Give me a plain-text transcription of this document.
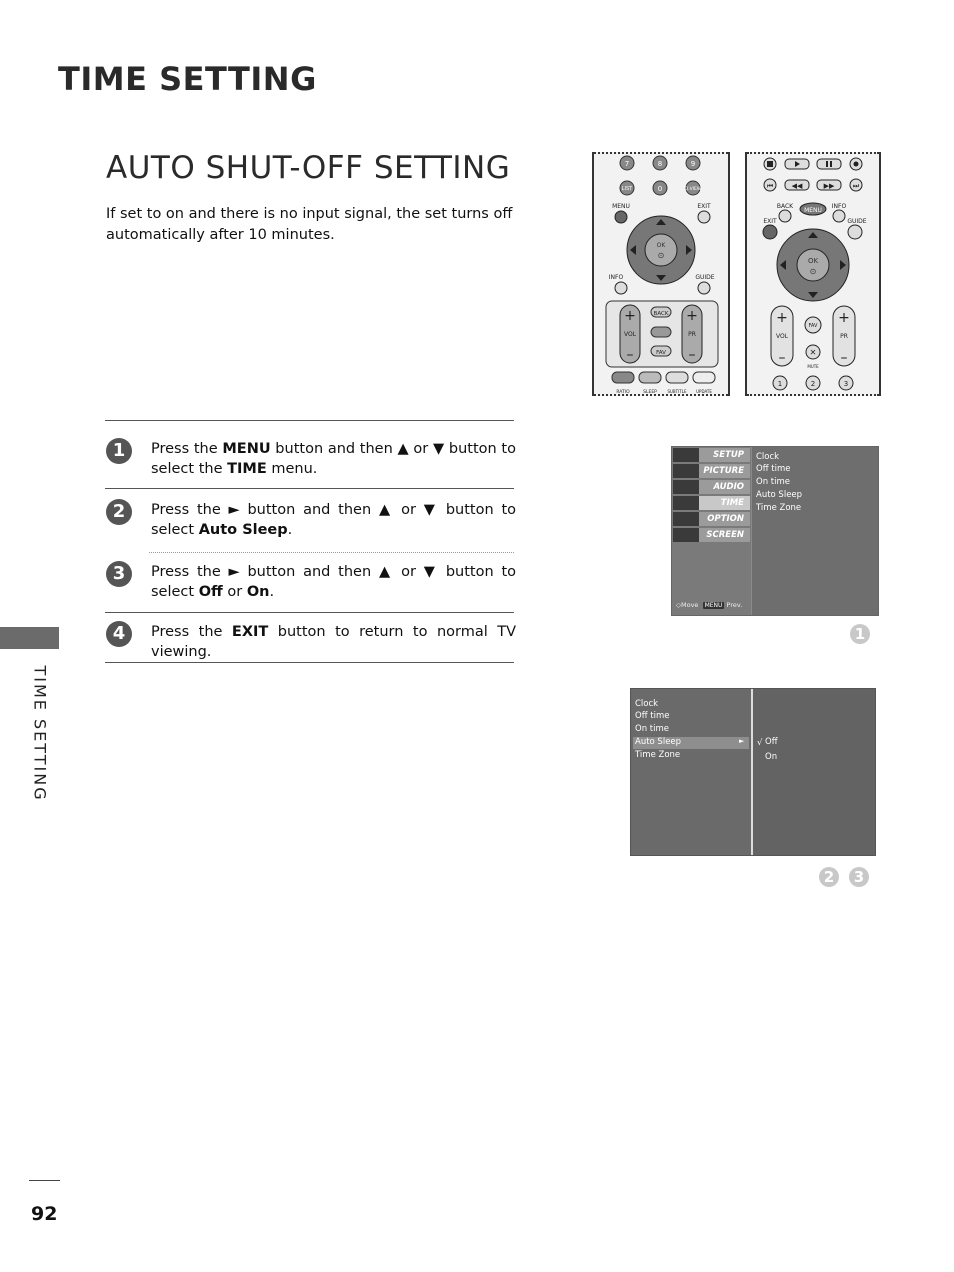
TIME SETTING
AUTO SHUT-OFF SETTING
If set to on and there is no input signal, the set turns off automatically after 10 minutes.
TIME SETTING
1	Press the MENU button and then ▲ or ▼ button to select the TIME menu.
2	Press the ► button and then ▲ or ▼ button to select Auto Sleep.
3	Press the ► button and then ▲ or ▼ button to select Off or On.
4	Press the EXIT button to return to normal TV viewing.
7	8	9
LIST	0	Q.VIEW
MENU	EXIT
OK
⊙
INFO	GUIDE
+
–
+
–
VOL	PR
BACK
FAV
RATIO	SLEEP	SUBTITLE UPDATE
⏮	◀◀	▶▶	⏭
BACK
MENU
INFO
EXIT	GUIDE
OK
⊙
+
–
+
–
VOL	PR
FAV
✕
MUTE
1	2	3
SETUP
PICTURE
AUDIO
TIME
OPTION
SCREEN
◇Move MENU Prev.
Clock
Off time
On time
Auto Sleep
Time Zone
1
Clock
Off time
On time
Auto Sleep	►
Time Zone
√ Off
On
2	3
92
